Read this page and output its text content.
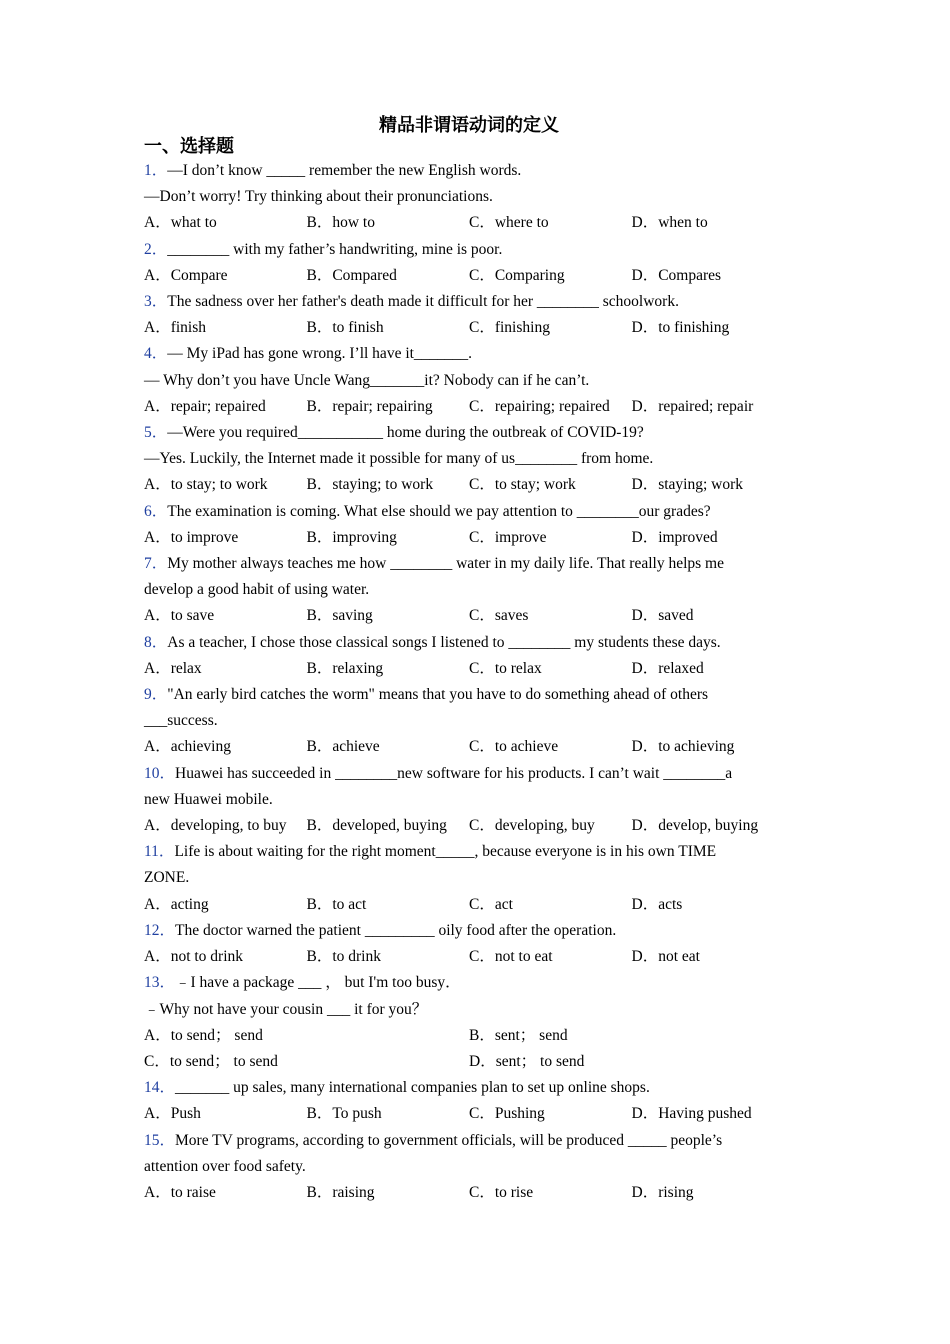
精品非谓语动词的定义
一、选择题
1．—I don’t know _____ remember the new English words.
—Don’t worry! Try thinking about their pronunciations.
A．what to	B．how to	C．where to	D．when to
2．________ with my father’s handwriting, mine is poor.
A．Compare	B．Compared	C．Comparing	D．Compares
3．The sadness over her father's death made it difficult for her ________ schoolwork.
A．finish	B．to finish	C．finishing	D．to finishing
4．— My iPad has gone wrong. I’ll have it_______.
— Why don’t you have Uncle Wang_______it? Nobody can if he can’t.
A．repair; repaired	B．repair; repairing	C．repairing; repaired	D．repaired; repair
5．—Were you required___________ home during the outbreak of COVID-19?
—Yes. Luckily, the Internet made it possible for many of us________ from home.
A．to stay; to work	B．staying; to work	C．to stay; work	D．staying; work
6．The examination is coming. What else should we pay attention to ________our grades?
A．to improve	B．improving	C．improve	D．improved
7．My mother always teaches me how ________ water in my daily life. That really helps me
develop a good habit of using water.
A．to save	B．saving	C．saves	D．saved
8．As a teacher, I chose those classical songs I listened to ________ my students these days.
A．relax	B．relaxing	C．to relax	D．relaxed
9．"An early bird catches the worm" means that you have to do something ahead of others
___success.
A．achieving	B．achieve	C．to achieve	D．to achieving
10．Huawei has succeeded in ________new software for his products. I can’t wait ________a
new Huawei mobile.
A．developing, to buy	B．developed, buying	C．developing, buy	D．develop, buying
11．Life is about waiting for the right moment_____, because everyone is in his own TIME
ZONE.
A．acting	B．to act	C．act	D．acts
12．The doctor warned the patient _________ oily food after the operation.
A．not to drink	B．to drink	C．not to eat	D．not eat
13．﹣I have a package ___ ， but I'm too busy．
﹣Why not have your cousin ___ it for you？
A．to send； send	B．sent； send
C．to send； to send	D．sent； to send
14．_______ up sales, many international companies plan to set up online shops.
A．Push	B．To push	C．Pushing	D．Having pushed
15．More TV programs, according to government officials, will be produced _____ people’s
attention over food safety.
A．to raise	B．raising	C．to rise	D．rising
